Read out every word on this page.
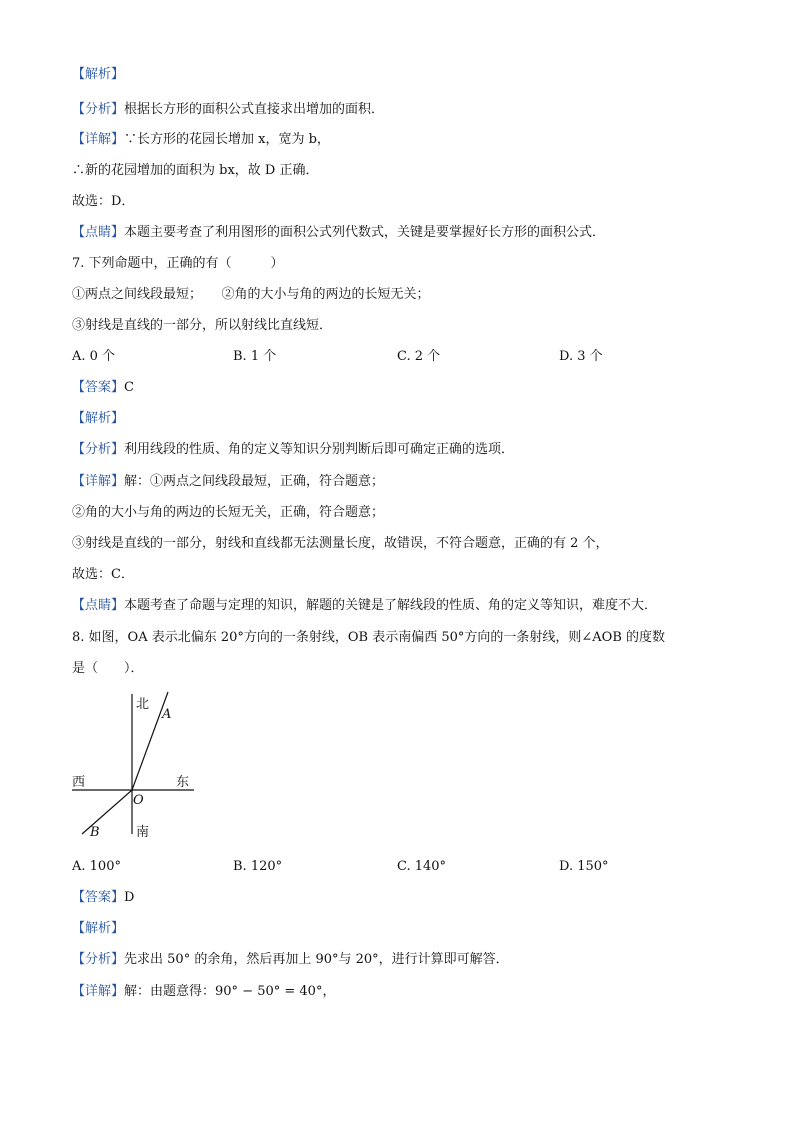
【解析】
【分析】根据长方形的面积公式直接求出增加的面积．
【详解】∵长方形的花园长增加 x，宽为 b，
∴新的花园增加的面积为 bx，故 D 正确．
故选：D．
【点睛】本题主要考查了利用图形的面积公式列代数式，关键是要掌握好长方形的面积公式．
7. 下列命题中，正确的有（　　　）
①两点之间线段最短；　　②角的大小与角的两边的长短无关；
③射线是直线的一部分，所以射线比直线短．
A. 0 个	B. 1 个	C. 2 个	D. 3 个
【答案】C
【解析】
【分析】利用线段的性质、角的定义等知识分别判断后即可确定正确的选项．
【详解】解：①两点之间线段最短，正确，符合题意；
②角的大小与角的两边的长短无关，正确，符合题意；
③射线是直线的一部分，射线和直线都无法测量长度，故错误，不符合题意，正确的有 2 个，
故选：C．
【点睛】本题考查了命题与定理的知识，解题的关键是了解线段的性质、角的定义等知识，难度不大．
8. 如图，OA 表示北偏东 20°方向的一条射线，OB 表示南偏西 50°方向的一条射线，则∠AOB 的度数
是（　　）．
北
A
西	东
O
B	南
A. 100°	B. 120°	C. 140°	D. 150°
【答案】D
【解析】
【分析】先求出 50° 的余角，然后再加上 90°与 20°，进行计算即可解答．
【详解】解：由题意得：90° − 50° = 40°，
